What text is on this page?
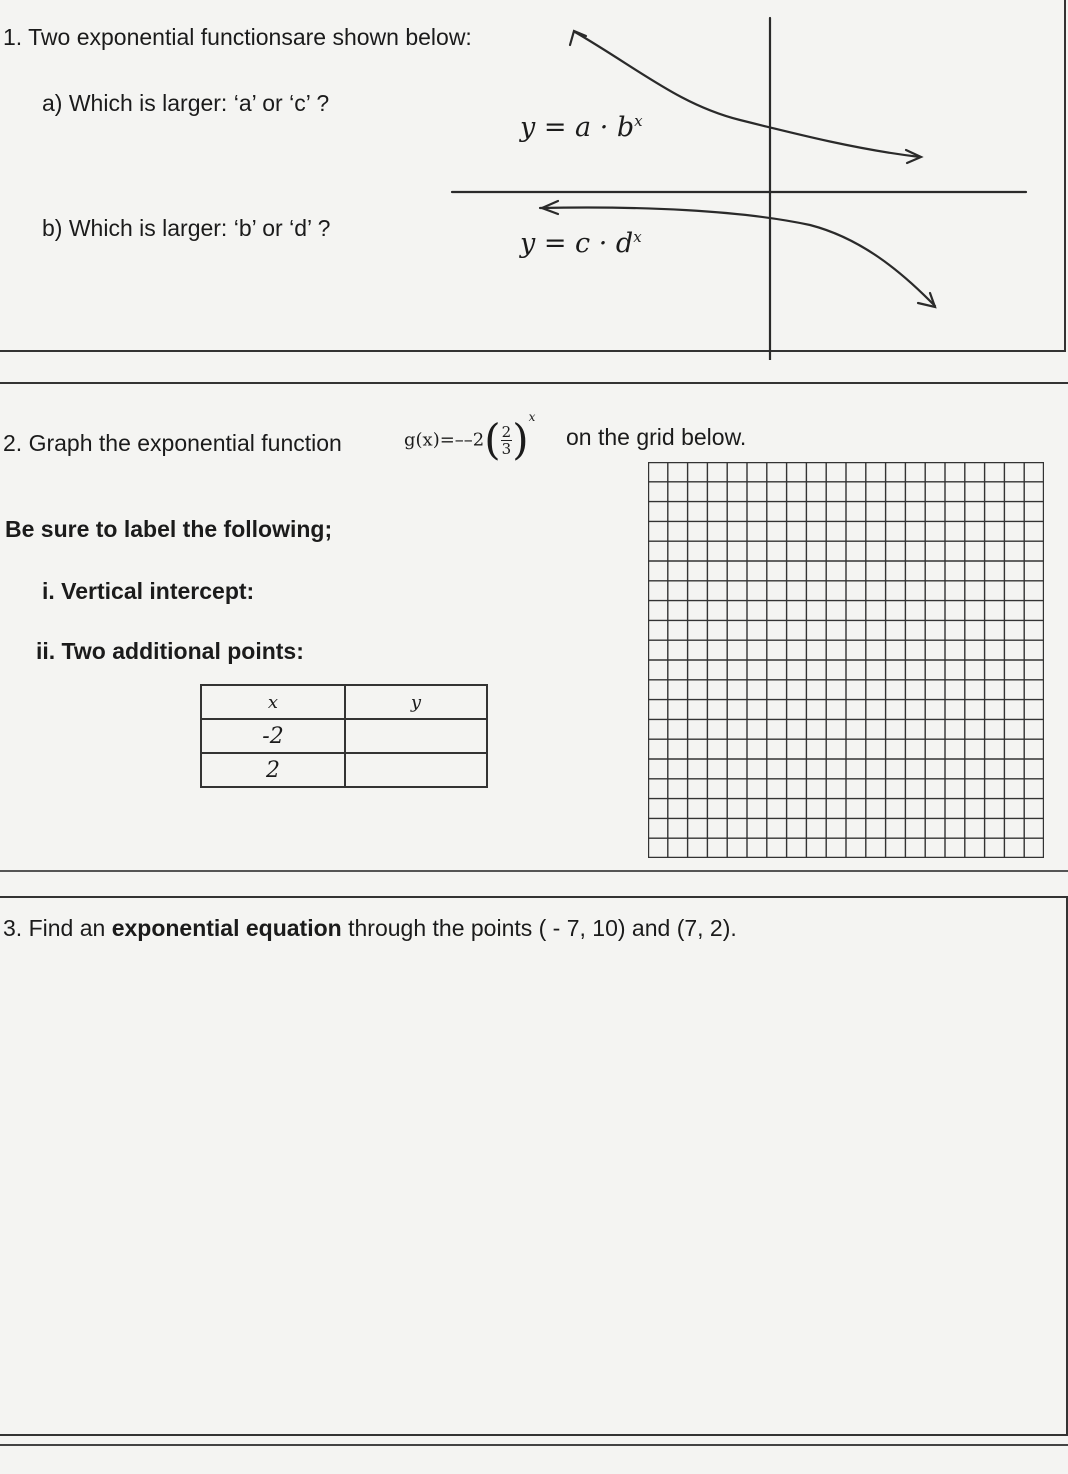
1. Two exponential functionsare shown below:
a) Which is larger: ‘a’ or ‘c’ ?
b) Which is larger: ‘b’ or ‘d’ ?
$y = a \cdot b^x$
$y = c \cdot d^x$
2. Graph the exponential function	$g(x)=--2( \frac{2}{3} )^x$
on the grid below.
Be sure to label the following;
i. Vertical intercept:
ii. Two additional points:
x	y
-2	
2	
3. Find an exponential equation through the points ( - 7, 10) and (7, 2).
